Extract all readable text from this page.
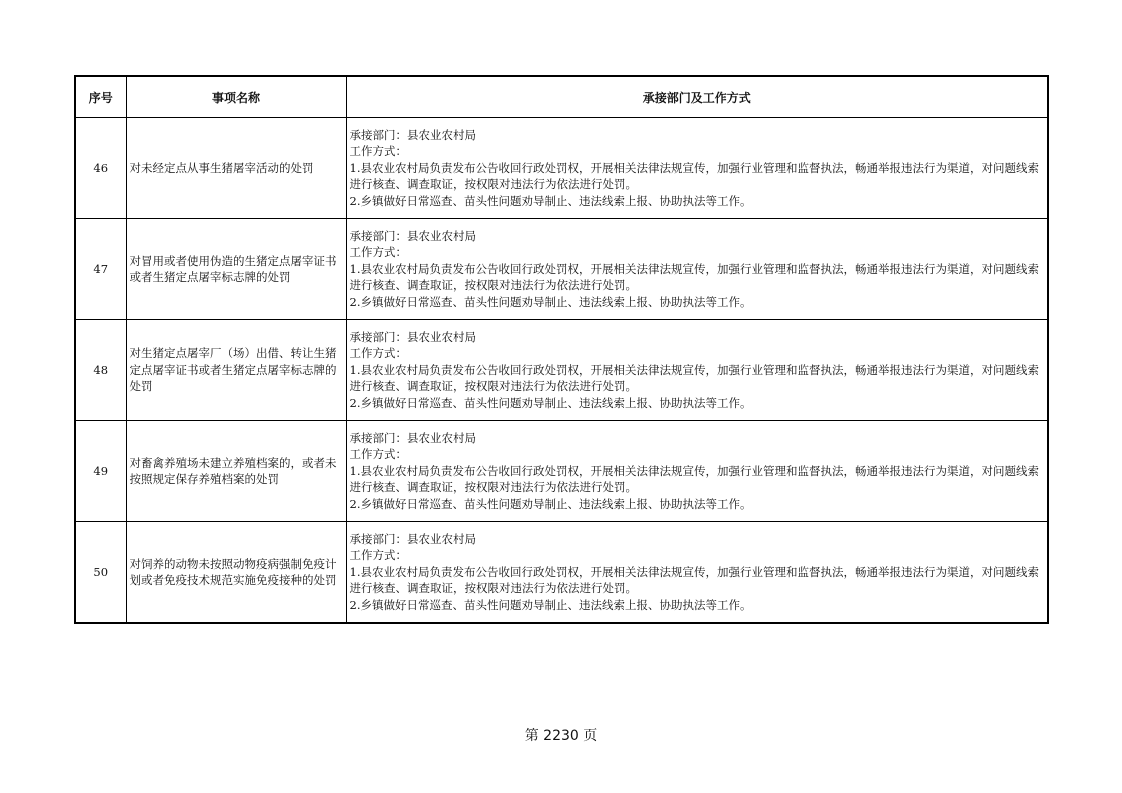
序号	事项名称	承接部门及工作方式
46	对未经定点从事生猪屠宰活动的处罚	承接部门：县农业农村局
工作方式：
1.县农业农村局负责发布公告收回行政处罚权，开展相关法律法规宣传，加强行业管理和监督执法，畅通举报违法行为渠道，对问题线索进行核查、调查取证，按权限对违法行为依法进行处罚。
2.乡镇做好日常巡查、苗头性问题劝导制止、违法线索上报、协助执法等工作。

47	对冒用或者使用伪造的生猪定点屠宰证书或者生猪定点屠宰标志牌的处罚	承接部门：县农业农村局
工作方式：
1.县农业农村局负责发布公告收回行政处罚权，开展相关法律法规宣传，加强行业管理和监督执法，畅通举报违法行为渠道，对问题线索进行核查、调查取证，按权限对违法行为依法进行处罚。
2.乡镇做好日常巡查、苗头性问题劝导制止、违法线索上报、协助执法等工作。

48	对生猪定点屠宰厂（场）出借、转让生猪定点屠宰证书或者生猪定点屠宰标志牌的处罚	承接部门：县农业农村局
工作方式：
1.县农业农村局负责发布公告收回行政处罚权，开展相关法律法规宣传，加强行业管理和监督执法，畅通举报违法行为渠道，对问题线索进行核查、调查取证，按权限对违法行为依法进行处罚。
2.乡镇做好日常巡查、苗头性问题劝导制止、违法线索上报、协助执法等工作。

49	对畜禽养殖场未建立养殖档案的，或者未按照规定保存养殖档案的处罚	承接部门：县农业农村局
工作方式：
1.县农业农村局负责发布公告收回行政处罚权，开展相关法律法规宣传，加强行业管理和监督执法，畅通举报违法行为渠道，对问题线索进行核查、调查取证，按权限对违法行为依法进行处罚。
2.乡镇做好日常巡查、苗头性问题劝导制止、违法线索上报、协助执法等工作。

50	对饲养的动物未按照动物疫病强制免疫计划或者免疫技术规范实施免疫接种的处罚	承接部门：县农业农村局
工作方式：
1.县农业农村局负责发布公告收回行政处罚权，开展相关法律法规宣传，加强行业管理和监督执法，畅通举报违法行为渠道，对问题线索进行核查、调查取证，按权限对违法行为依法进行处罚。
2.乡镇做好日常巡查、苗头性问题劝导制止、违法线索上报、协助执法等工作。
第 2230 页
